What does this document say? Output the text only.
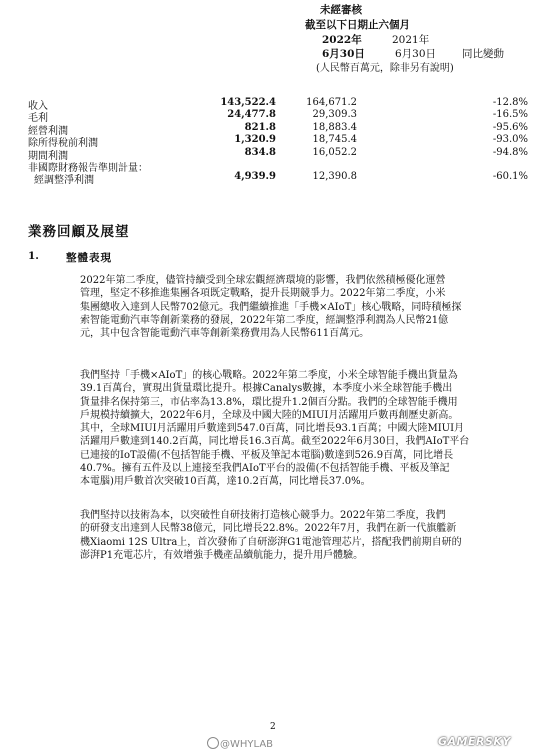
未經審核
截至以下日期止六個月
2022年	2021年
6月30日	6月30日 同比變動
(人民幣百萬元，除非另有說明)
收入	143,522.4	164,671.2	-12.8%
毛利	24,477.8	29,309.3	-16.5%
經營利潤	821.8	18,883.4	-95.6%
除所得稅前利潤	1,320.9	18,745.4	-93.0%
期間利潤	834.8	16,052.2	-94.8%
非國際財務報告準則計量：
經調整淨利潤	4,939.9	12,390.8	-60.1%
業務回顧及展望
1.	整體表現

2022年第二季度，儘管持續受到全球宏觀經濟環境的影響，我們依然積極優化運營

管理，堅定不移推進集團各項既定戰略，提升長期競爭力。2022年第二季度，小米

集團總收入達到人民幣702億元。我們繼續推進「手機×AIoT」核心戰略，同時積極探

索智能電動汽車等創新業務的發展，2022年第二季度，經調整淨利潤為人民幣21億

元，其中包含智能電動汽車等創新業務費用為人民幣611百萬元。

我們堅持「手機×AIoT」的核心戰略。2022年第二季度，小米全球智能手機出貨量為

39.1百萬台，實現出貨量環比提升。根據Canalys數據，本季度小米全球智能手機出

貨量排名保持第三，市佔率為13.8%，環比提升1.2個百分點。我們的全球智能手機用

戶規模持續擴大，2022年6月，全球及中國大陸的MIUI月活躍用戶數再創歷史新高。

其中，全球MIUI月活躍用戶數達到547.0百萬，同比增長93.1百萬；中國大陸MIUI月

活躍用戶數達到140.2百萬，同比增長16.3百萬。截至2022年6月30日，我們AIoT平台

已連接的IoT設備(不包括智能手機、平板及筆記本電腦)數達到526.9百萬，同比增長

40.7%。擁有五件及以上連接至我們AIoT平台的設備(不包括智能手機、平板及筆記

本電腦)用戶數首次突破10百萬，達10.2百萬，同比增長37.0%。

我們堅持以技術為本，以突破性自研技術打造核心競爭力。2022年第二季度，我們

的研發支出達到人民幣38億元，同比增長22.8%。2022年7月，我們在新一代旗艦新

機Xiaomi 12S Ultra上，首次發佈了自研澎湃G1電池管理芯片，搭配我們前期自研的

澎湃P1充電芯片，有效增強手機產品續航能力，提升用戶體驗。

2
@WHYLAB	GAMERSKY
